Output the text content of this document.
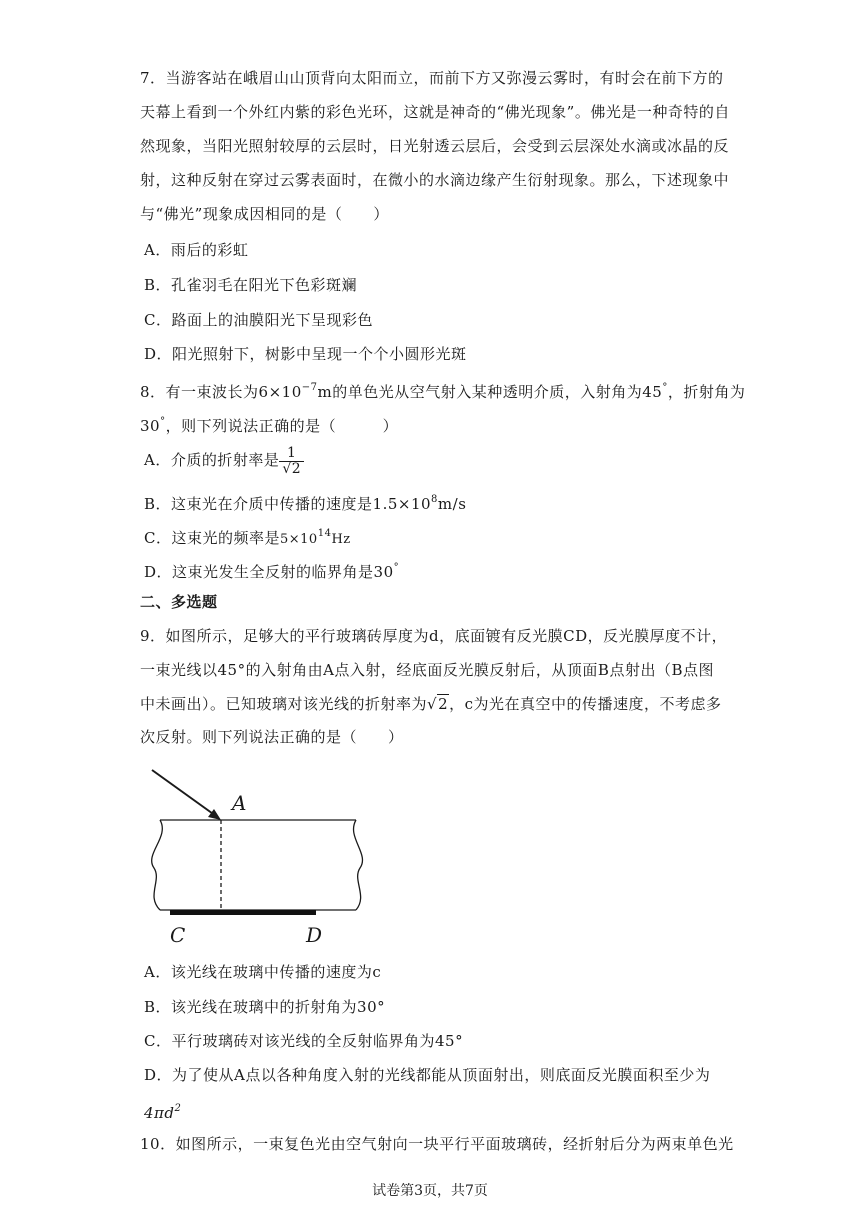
7．当游客站在峨眉山山顶背向太阳而立，而前下方又弥漫云雾时，有时会在前下方的
天幕上看到一个外红内紫的彩色光环，这就是神奇的“佛光现象”。佛光是一种奇特的自
然现象，当阳光照射较厚的云层时，日光射透云层后，会受到云层深处水滴或冰晶的反
射，这种反射在穿过云雾表面时，在微小的水滴边缘产生衍射现象。那么，下述现象中
与“佛光”现象成因相同的是（　　）
A．雨后的彩虹
B．孔雀羽毛在阳光下色彩斑斓
C．路面上的油膜阳光下呈现彩色
D．阳光照射下，树影中呈现一个个小圆形光斑
8．有一束波长为$6\times 10^{-7}m$的单色光从空气射入某种透明介质，入射角为45°，折射角为
30°，则下列说法正确的是（　　　）
A．介质的折射率是 $\frac{1}{√2}$
B．这束光在介质中传播的速度是$1.5\times 10^8m/s$
C．这束光的频率是$5\times 10^{14}Hz$
D．这束光发生全反射的临界角是30°
二、多选题
9．如图所示，足够大的平行玻璃砖厚度为d，底面镀有反光膜CD，反光膜厚度不计，
一束光线以45°的入射角由A点入射，经底面反光膜反射后，从顶面B点射出（B点图
中未画出）。已知玻璃对该光线的折射率为√2，c为光在真空中的传播速度，不考虑多
次反射。则下列说法正确的是（　　）
A
C	D
A．该光线在玻璃中传播的速度为c
B．该光线在玻璃中的折射角为30°
C．平行玻璃砖对该光线的全反射临界角为45°
D．为了使从A点以各种角度入射的光线都能从顶面射出，则底面反光膜面积至少为
$4\pi d^2$
10．如图所示，一束复色光由空气射向一块平行平面玻璃砖，经折射后分为两束单色光
试卷第3页，共7页
